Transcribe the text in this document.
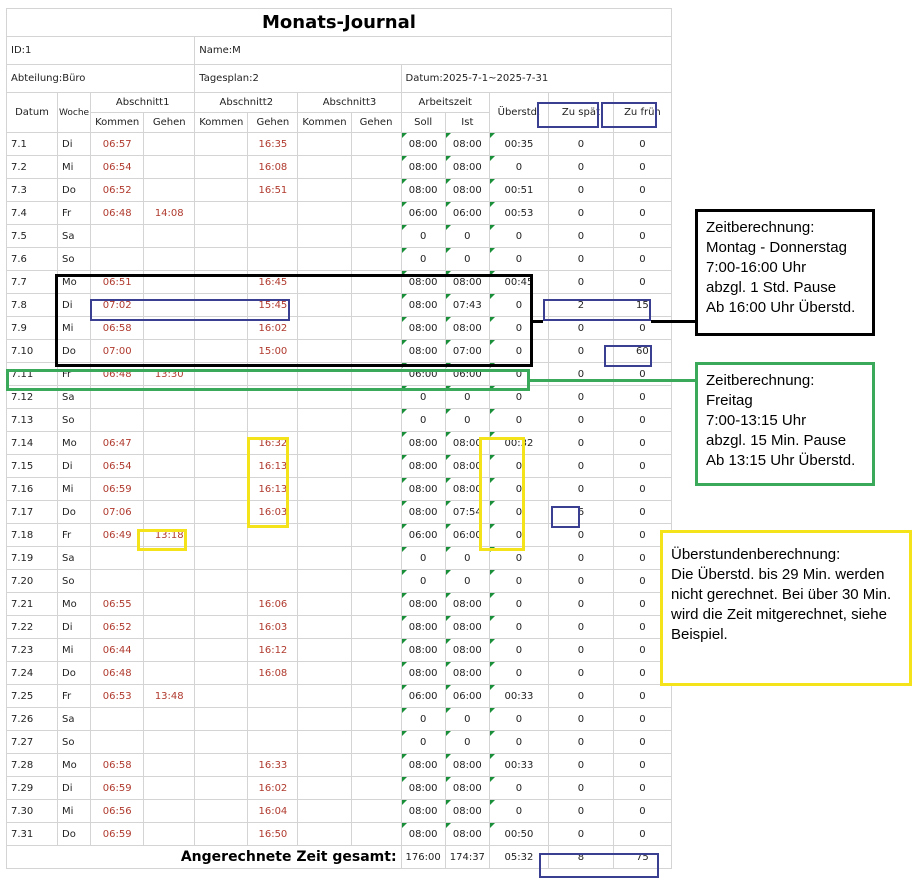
Monats-Journal												
ID:1				Name:M								
Abteilung:Büro				Tagesplan:2				Datum:2025-7-1~2025-7-31				
Datum	Woche	Abschnitt1		Abschnitt2		Abschnitt3		Arbeitszeit		Überstd.	Zu spät	Zu früh
		Kommen	Gehen	Kommen	Gehen	Kommen	Gehen	Soll	Ist			
7.1	Di	06:57			16:35			08:00	08:00	00:35	0	0
7.2	Mi	06:54			16:08			08:00	08:00	0	0	0
7.3	Do	06:52			16:51			08:00	08:00	00:51	0	0
7.4	Fr	06:48	14:08					06:00	06:00	00:53	0	0
7.5	Sa							0	0	0	0	0
7.6	So							0	0	0	0	0
7.7	Mo	06:51			16:45			08:00	08:00	00:45	0	0
7.8	Di	07:02			15:45			08:00	07:43	0	2	15
7.9	Mi	06:58			16:02			08:00	08:00	0	0	0
7.10	Do	07:00			15:00			08:00	07:00	0	0	60
7.11	Fr	06:48	13:30					06:00	06:00	0	0	0
7.12	Sa							0	0	0	0	0
7.13	So							0	0	0	0	0
7.14	Mo	06:47			16:32			08:00	08:00	00:32	0	0
7.15	Di	06:54			16:13			08:00	08:00	0	0	0
7.16	Mi	06:59			16:13			08:00	08:00	0	0	0
7.17	Do	07:06			16:03			08:00	07:54	0	6	0
7.18	Fr	06:49	13:18					06:00	06:00	0	0	0
7.19	Sa							0	0	0	0	0
7.20	So							0	0	0	0	0
7.21	Mo	06:55			16:06			08:00	08:00	0	0	0
7.22	Di	06:52			16:03			08:00	08:00	0	0	0
7.23	Mi	06:44			16:12			08:00	08:00	0	0	0
7.24	Do	06:48			16:08			08:00	08:00	0	0	0
7.25	Fr	06:53	13:48					06:00	06:00	00:33	0	0
7.26	Sa							0	0	0	0	0
7.27	So							0	0	0	0	0
7.28	Mo	06:58			16:33			08:00	08:00	00:33	0	0
7.29	Di	06:59			16:02			08:00	08:00	0	0	0
7.30	Mi	06:56			16:04			08:00	08:00	0	0	0
7.31	Do	06:59			16:50			08:00	08:00	00:50	0	0
Angerechnete Zeit gesamt:								176:00	174:37	05:32	8	75
Zeitberechnung:
Montag - Donnerstag
7:00-16:00 Uhr
abzgl. 1 Std. Pause
Ab 16:00 Uhr Überstd.
Zeitberechnung:
Freitag
7:00-13:15 Uhr
abzgl. 15 Min. Pause
Ab 13:15 Uhr Überstd.
Überstundenberechnung:
Die Überstd. bis 29 Min. werden
nicht gerechnet. Bei über 30 Min.
wird die Zeit mitgerechnet, siehe
Beispiel.
